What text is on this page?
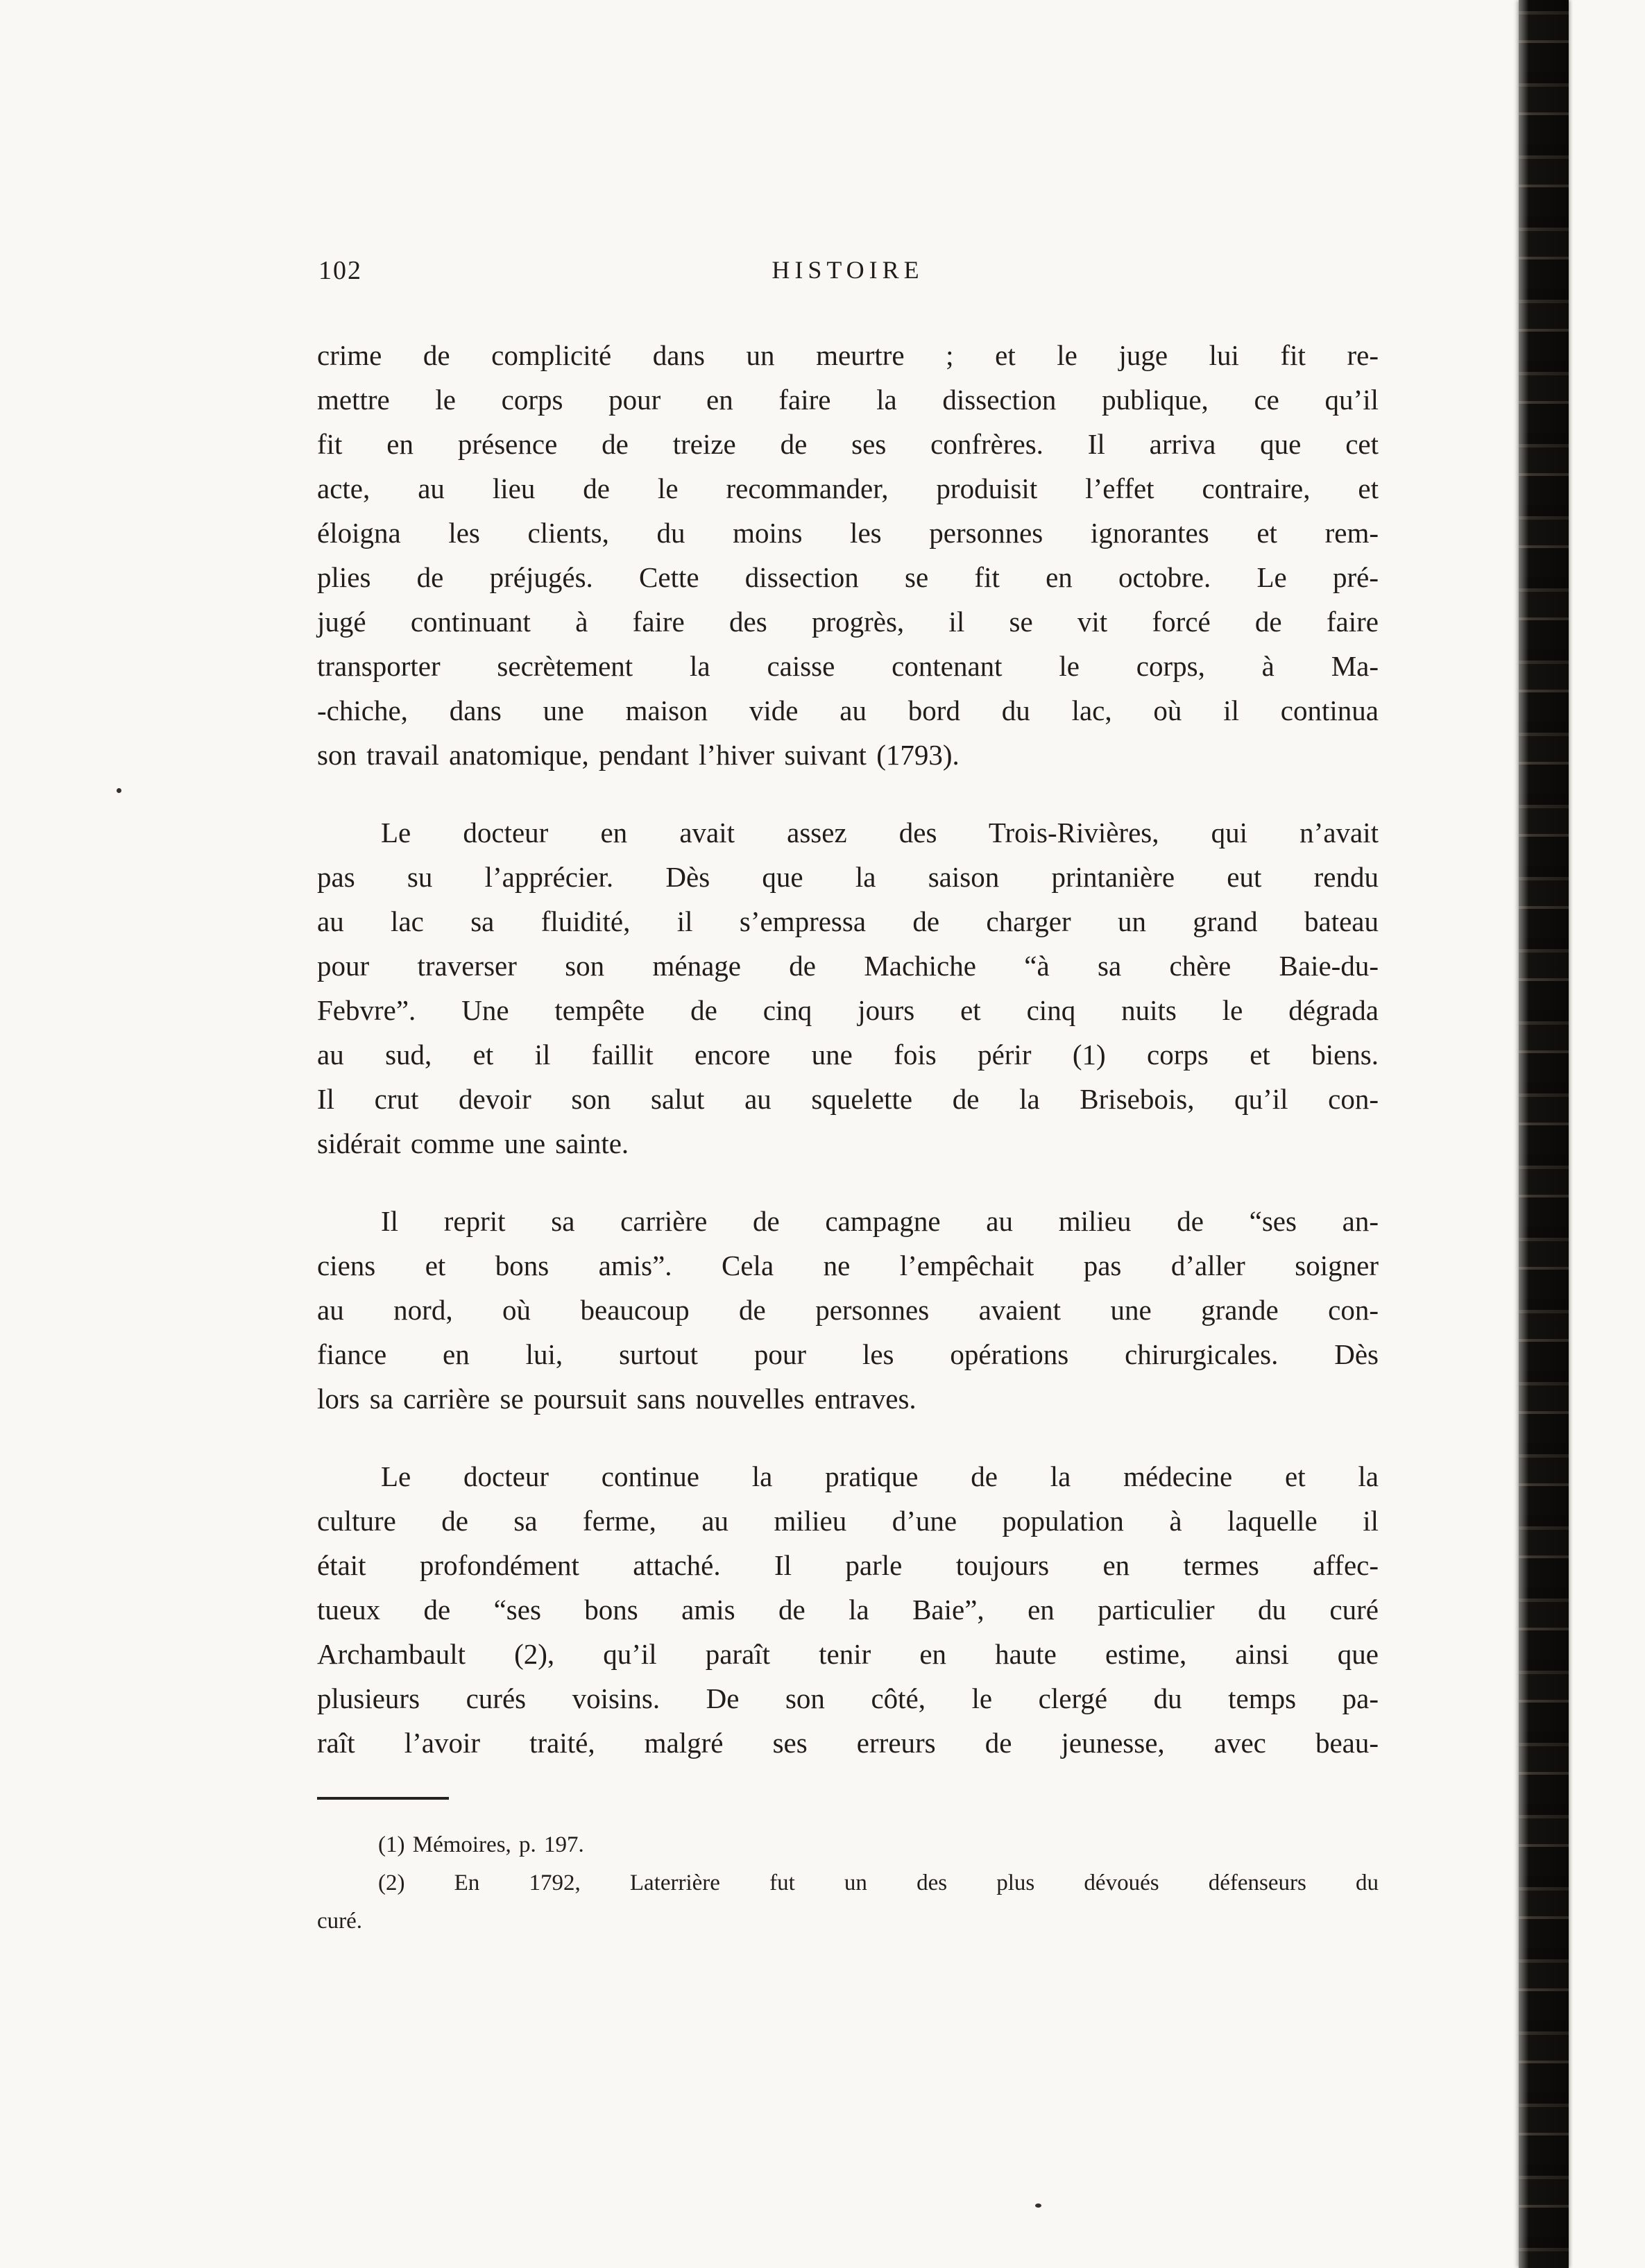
102	HISTOIRE
crime de complicité dans un meurtre ; et le juge lui fit re-
mettre le corps pour en faire la dissection publique, ce qu’il
fit en présence de treize de ses confrères. Il arriva que cet
acte, au lieu de le recommander, produisit l’effet contraire, et
éloigna les clients, du moins les personnes ignorantes et rem-
plies de préjugés. Cette dissection se fit en octobre. Le pré-
jugé continuant à faire des progrès, il se vit forcé de faire
transporter secrètement la caisse contenant le corps, à Ma-
-chiche, dans une maison vide au bord du lac, où il continua
son travail anatomique, pendant l’hiver suivant (1793).
Le docteur en avait assez des Trois-Rivières, qui n’avait
pas su l’apprécier. Dès que la saison printanière eut rendu
au lac sa fluidité, il s’empressa de charger un grand bateau
pour traverser son ménage de Machiche “à sa chère Baie-du-
Febvre”. Une tempête de cinq jours et cinq nuits le dégrada
au sud, et il faillit encore une fois périr (1) corps et biens.
Il crut devoir son salut au squelette de la Brisebois, qu’il con-
sidérait comme une sainte.
Il reprit sa carrière de campagne au milieu de “ses an-
ciens et bons amis”. Cela ne l’empêchait pas d’aller soigner
au nord, où beaucoup de personnes avaient une grande con-
fiance en lui, surtout pour les opérations chirurgicales. Dès
lors sa carrière se poursuit sans nouvelles entraves.
Le docteur continue la pratique de la médecine et la
culture de sa ferme, au milieu d’une population à laquelle il
était profondément attaché. Il parle toujours en termes affec-
tueux de “ses bons amis de la Baie”, en particulier du curé
Archambault (2), qu’il paraît tenir en haute estime, ainsi que
plusieurs curés voisins. De son côté, le clergé du temps pa-
raît l’avoir traité, malgré ses erreurs de jeunesse, avec beau-
(1) Mémoires, p. 197.
(2) En 1792, Laterrière fut un des plus dévoués défenseurs du
curé.
